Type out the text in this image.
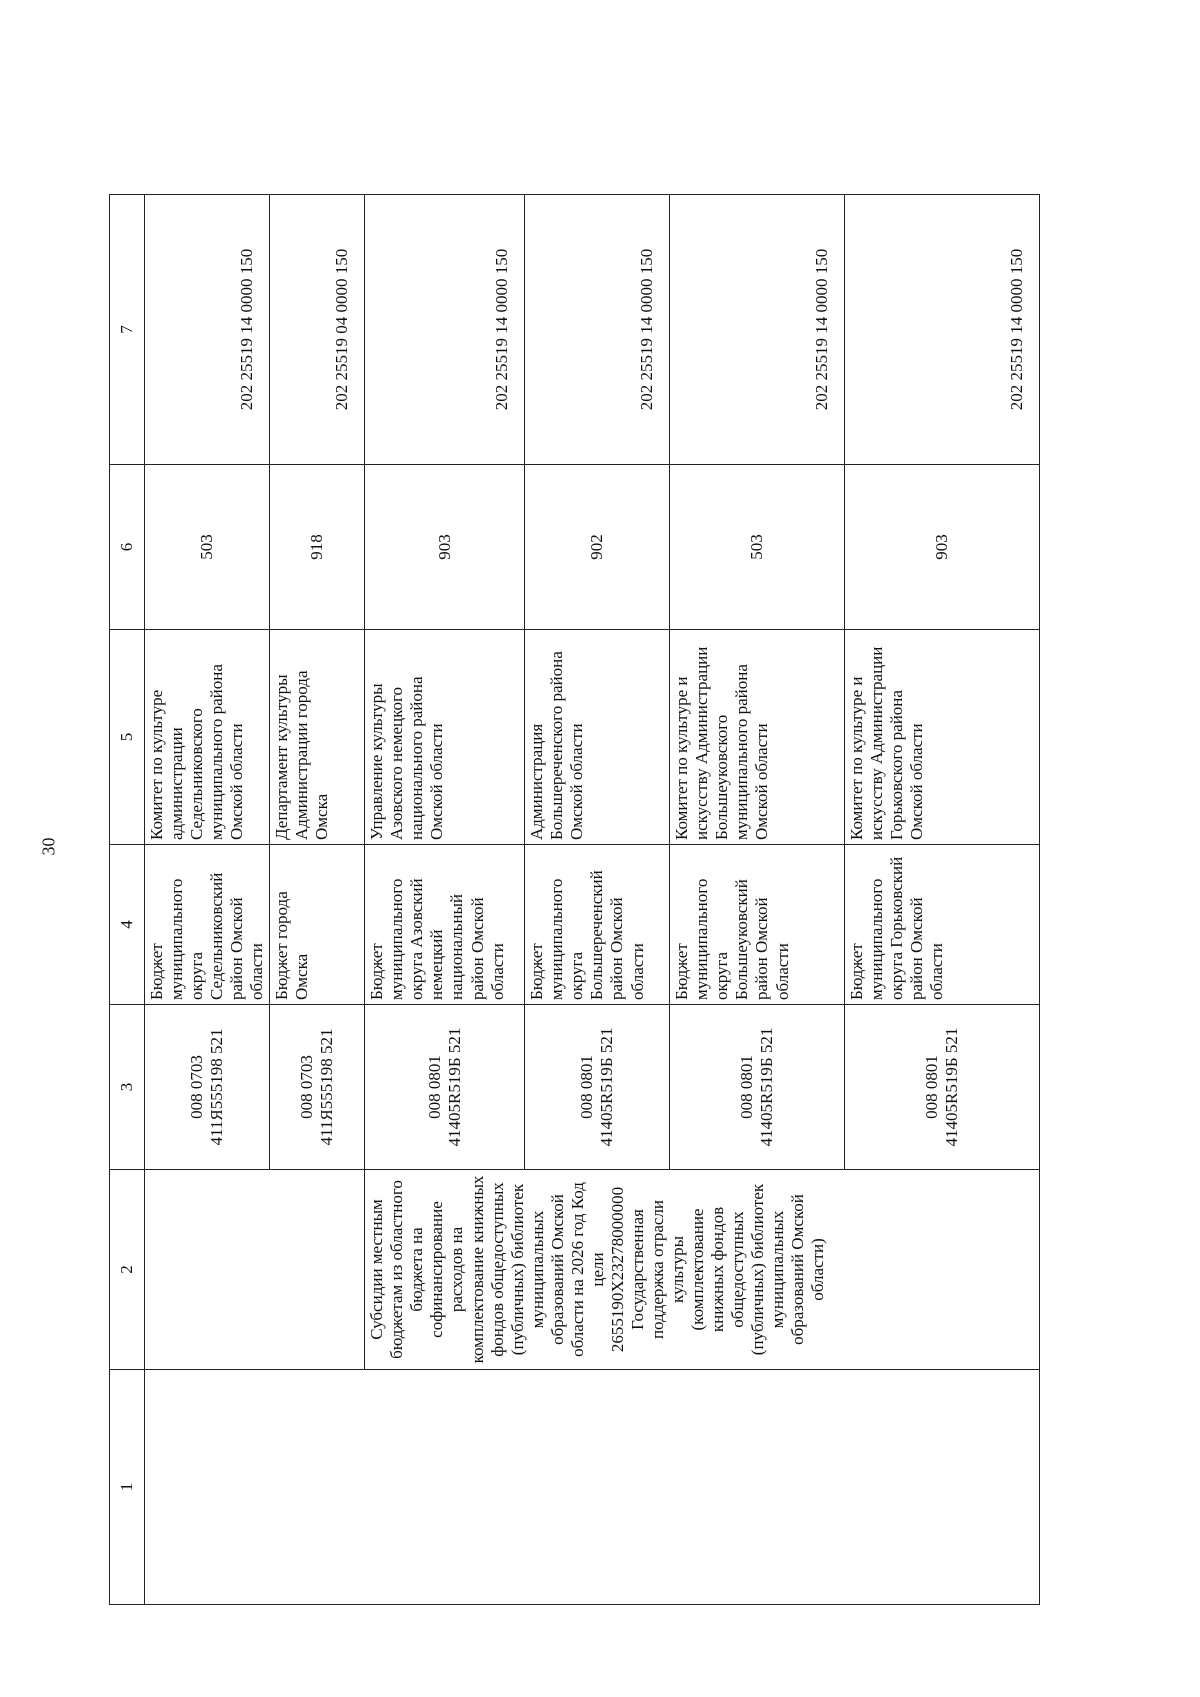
30
1	2	3	4	5	6	7

		008 0703 411Я555198 521	Бюджет муниципального округа Седельниковский район Омской области	Комитет по культуре администрации Седельниковского муниципального района Омской области	503	202 25519 14 0000 150

		008 0703 411Я555198 521	Бюджет города Омска	Департамент культуры Администрации города Омска	918	202 25519 04 0000 150
	Субсидии местным бюджетам из областного бюджета на софинансирование расходов на комплектование книжных фондов общедоступных (публичных) библиотек муниципальных образований Омской области на 2026 год Код цели 2655190X23278000000 Государственная поддержка отрасли культуры (комплектование книжных фондов общедоступных (публичных) библиотек муниципальных образований Омской области)	008 0801 41405R519Б 521	Бюджет муниципального округа Азовский немецкий национальный район Омской области	Управление культуры Азовского немецкого национального района Омской области	903	202 25519 14 0000 150

		008 0801 41405R519Б 521	Бюджет муниципального округа Большереченский район Омской области	Администрация Большереченского района Омской области	902	202 25519 14 0000 150

		008 0801 41405R519Б 521	Бюджет муниципального округа Большеуковский район Омской области	Комитет по культуре и искусству Администрации Большеуковского муниципального района Омской области	503	202 25519 14 0000 150

		008 0801 41405R519Б 521	Бюджет муниципального округа Горьковский район Омской области	Комитет по культуре и искусству Администрации Горьковского района Омской области	903	202 25519 14 0000 150
